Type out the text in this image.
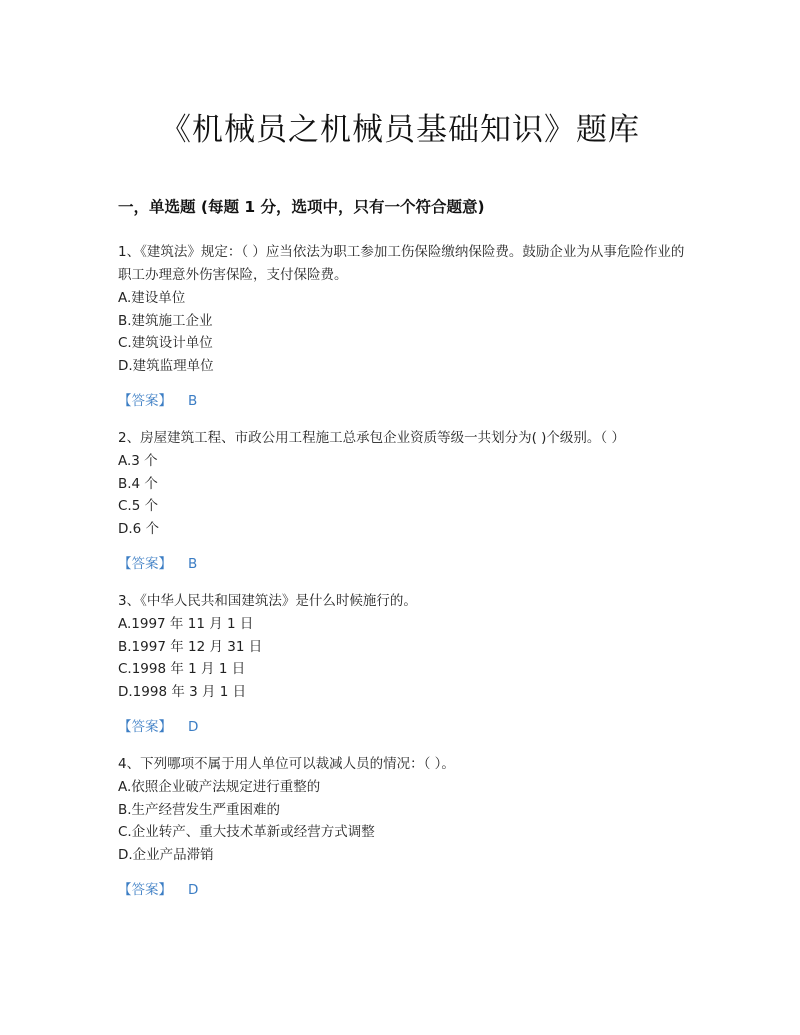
《机械员之机械员基础知识》题库
一，单选题 (每题 1 分，选项中，只有一个符合题意)

1、《建筑法》规定：（ ）应当依法为职工参加工伤保险缴纳保险费。鼓励企业为从事危险作业的职工办理意外伤害保险，支付保险费。

A.建设单位

B.建筑施工企业

C.建筑设计单位

D.建筑监理单位

【答案】 B

2、房屋建筑工程、市政公用工程施工总承包企业资质等级一共划分为( )个级别。（ ）

A.3 个

B.4 个

C.5 个

D.6 个

【答案】 B

3、《中华人民共和国建筑法》是什么时候施行的。

A.1997 年 11 月 1 日

B.1997 年 12 月 31 日

C.1998 年 1 月 1 日

D.1998 年 3 月 1 日

【答案】 D

4、下列哪项不属于用人单位可以裁减人员的情况：（ ）。

A.依照企业破产法规定进行重整的

B.生产经营发生严重困难的

C.企业转产、重大技术革新或经营方式调整

D.企业产品滞销

【答案】 D
